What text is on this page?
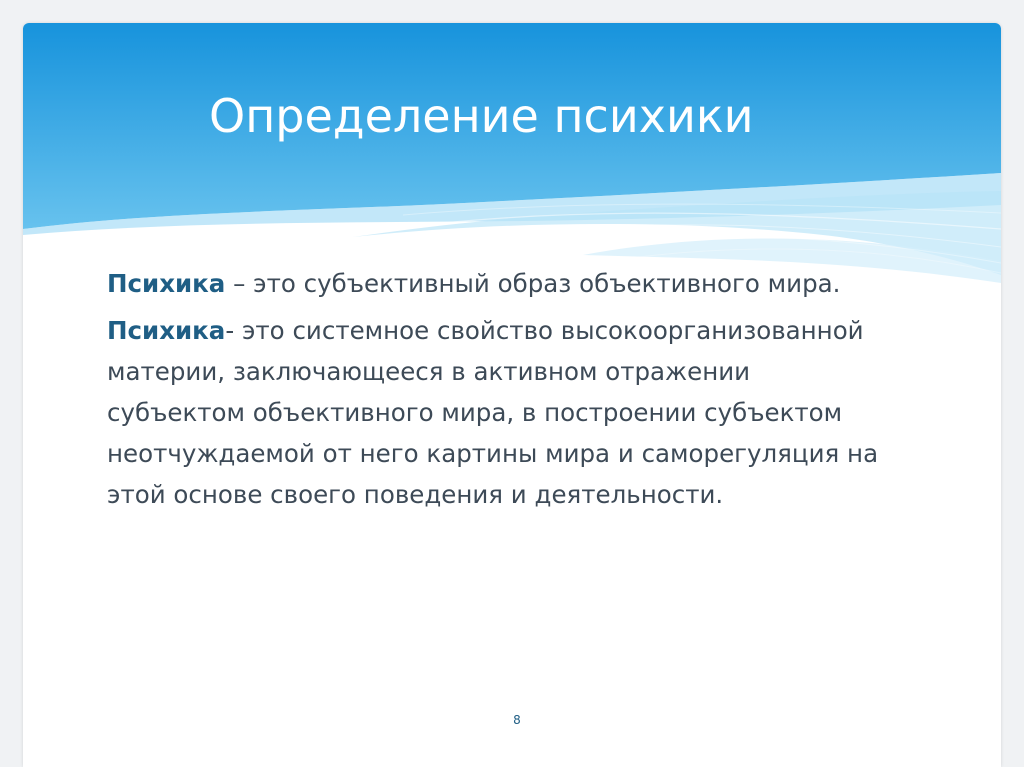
Определение психики

Психика – это субъективный образ объективного мира.

Психика- это системное свойство высокоорганизованной материи, заключающееся в активном отражении субъектом объективного мира, в построении субъектом неотчуждаемой от него картины мира и саморегуляция на этой основе своего поведения и деятельности.

8
